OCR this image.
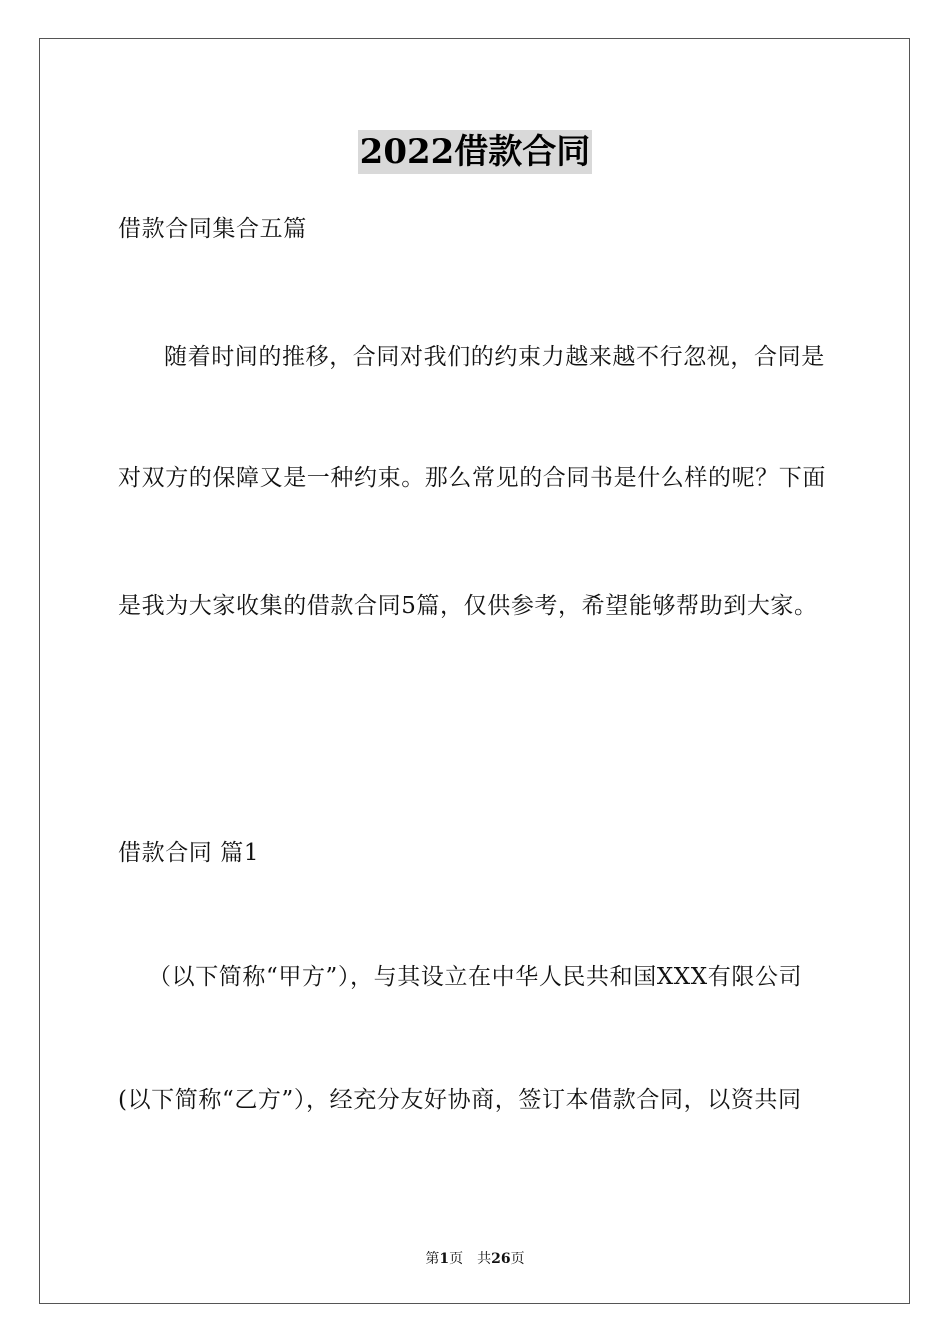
2022借款合同
借款合同集合五篇
随着时间的推移，合同对我们的约束力越来越不行忽视，合同是
对双方的保障又是一种约束。那么常见的合同书是什么样的呢？下面
是我为大家收集的借款合同5篇，仅供参考，希望能够帮助到大家。
借款合同 篇1
（以下简称“甲方”），与其设立在中华人民共和国XXX有限公司
(以下简称“乙方”），经充分友好协商，签订本借款合同，以资共同
第1页　共26页
